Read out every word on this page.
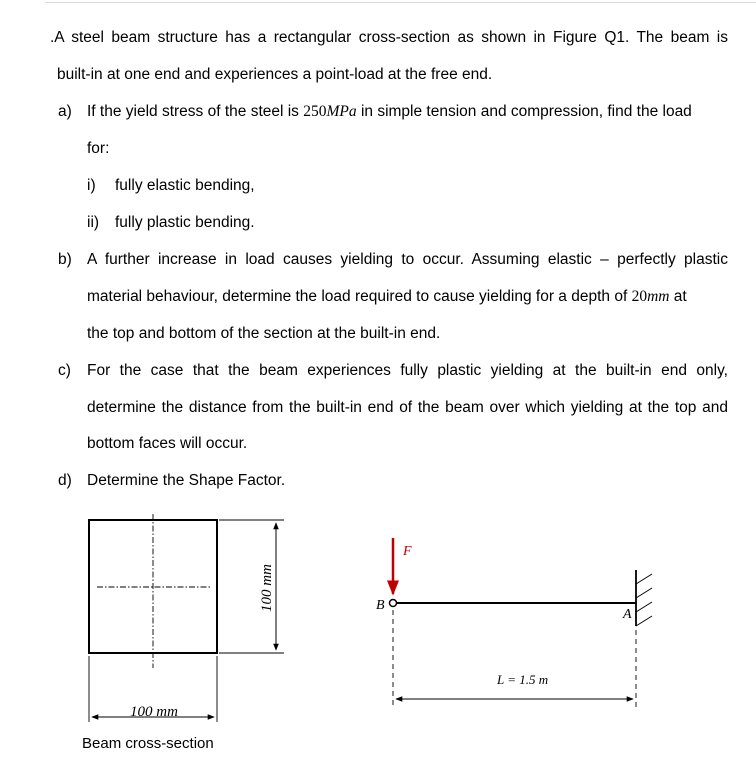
.A steel beam structure has a rectangular cross-section as shown in Figure Q1. The beam is
built-in at one end and experiences a point-load at the free end.
a) If the yield stress of the steel is 250MPa in simple tension and compression, find the load
for:
i) fully elastic bending,
ii) fully plastic bending.
b) A further increase in load causes yielding to occur. Assuming elastic – perfectly plastic
material behaviour, determine the load required to cause yielding for a depth of 20mm at
the top and bottom of the section at the built-in end.
c) For the case that the beam experiences fully plastic yielding at the built-in end only,
determine the distance from the built-in end of the beam over which yielding at the top and
bottom faces will occur.
d) Determine the Shape Factor.
100 mm
100 mm
Beam cross-section
B
F
A
L = 1.5 m
